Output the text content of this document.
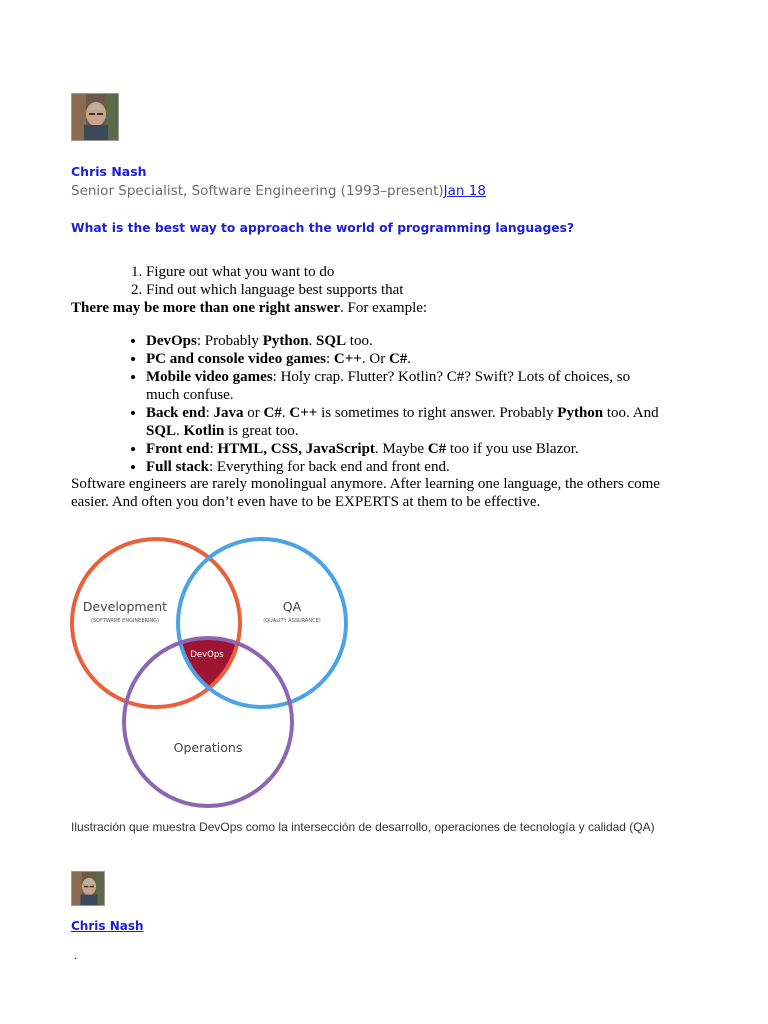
Chris Nash
Senior Specialist, Software Engineering (1993–present)Jan 18
What is the best way to approach the world of programming languages?
1. Figure out what you want to do
2. Find out which language best supports that
There may be more than one right answer. For example:
• DevOps: Probably Python. SQL too.
• PC and console video games: C++. Or C#.
• Mobile video games: Holy crap. Flutter? Kotlin? C#? Swift? Lots of choices, so much confuse.
• Back end: Java or C#. C++ is sometimes to right answer. Probably Python too. And SQL. Kotlin is great too.
• Front end: HTML, CSS, JavaScript. Maybe C# too if you use Blazor.
• Full stack: Everything for back end and front end.
Software engineers are rarely monolingual anymore. After learning one language, the others come easier. And often you don’t even have to be EXPERTS at them to be effective.
Development
(SOFTWARE ENGINEERING)
QA
(QUALITY ASSURANCE)
DevOps
Operations
Ilustración que muestra DevOps como la intersección de desarrollo, operaciones de tecnología y calidad (QA)
Chris Nash
.
